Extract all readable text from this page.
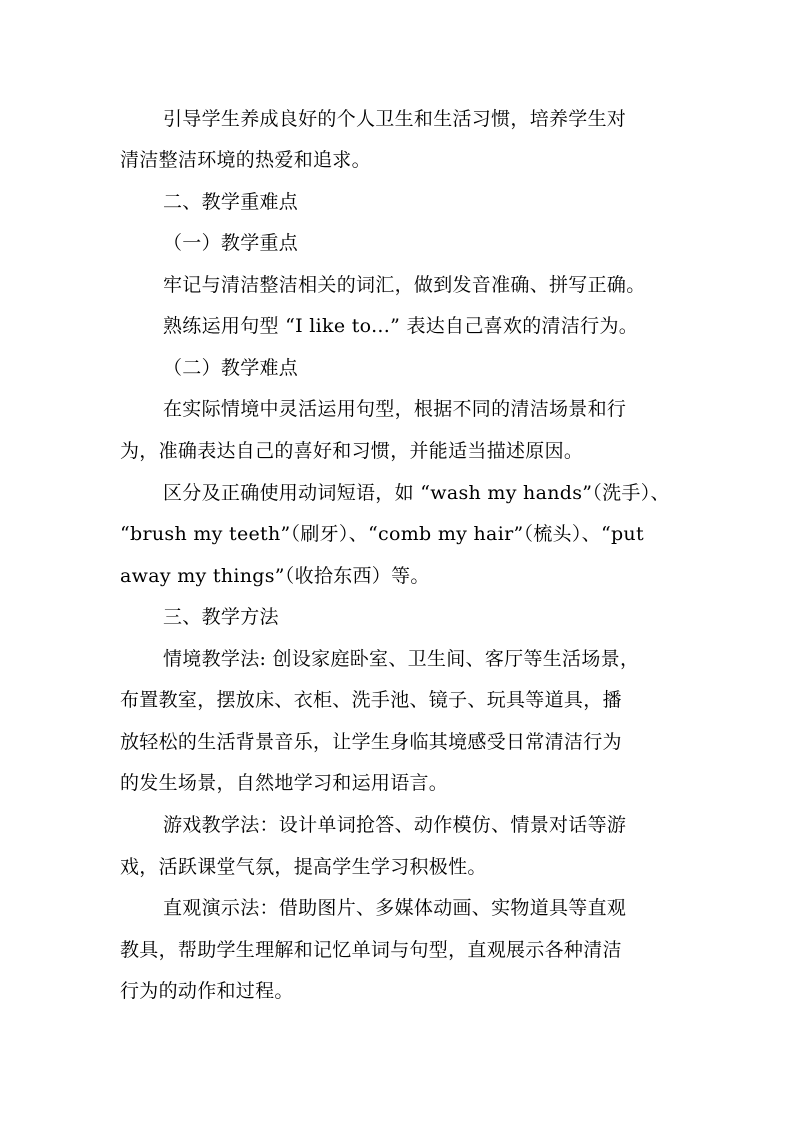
引导学生养成良好的个人卫生和生活习惯，培养学生对
清洁整洁环境的热爱和追求。
二、教学重难点
（一）教学重点
牢记与清洁整洁相关的词汇，做到发音准确、拼写正确。
熟练运用句型 “I like to...” 表达自己喜欢的清洁行为。
（二）教学难点
在实际情境中灵活运用句型，根据不同的清洁场景和行
为，准确表达自己的喜好和习惯，并能适当描述原因。
区分及正确使用动词短语，如 “wash my hands”（洗手）、
“brush my teeth”（刷牙）、“comb my hair”（梳头）、“put
away my things”（收拾东西）等。
三、教学方法
情境教学法: 创设家庭卧室、卫生间、客厅等生活场景，
布置教室，摆放床、衣柜、洗手池、镜子、玩具等道具，播
放轻松的生活背景音乐，让学生身临其境感受日常清洁行为
的发生场景，自然地学习和运用语言。
游戏教学法：设计单词抢答、动作模仿、情景对话等游
戏，活跃课堂气氛，提高学生学习积极性。
直观演示法：借助图片、多媒体动画、实物道具等直观
教具，帮助学生理解和记忆单词与句型，直观展示各种清洁
行为的动作和过程。
